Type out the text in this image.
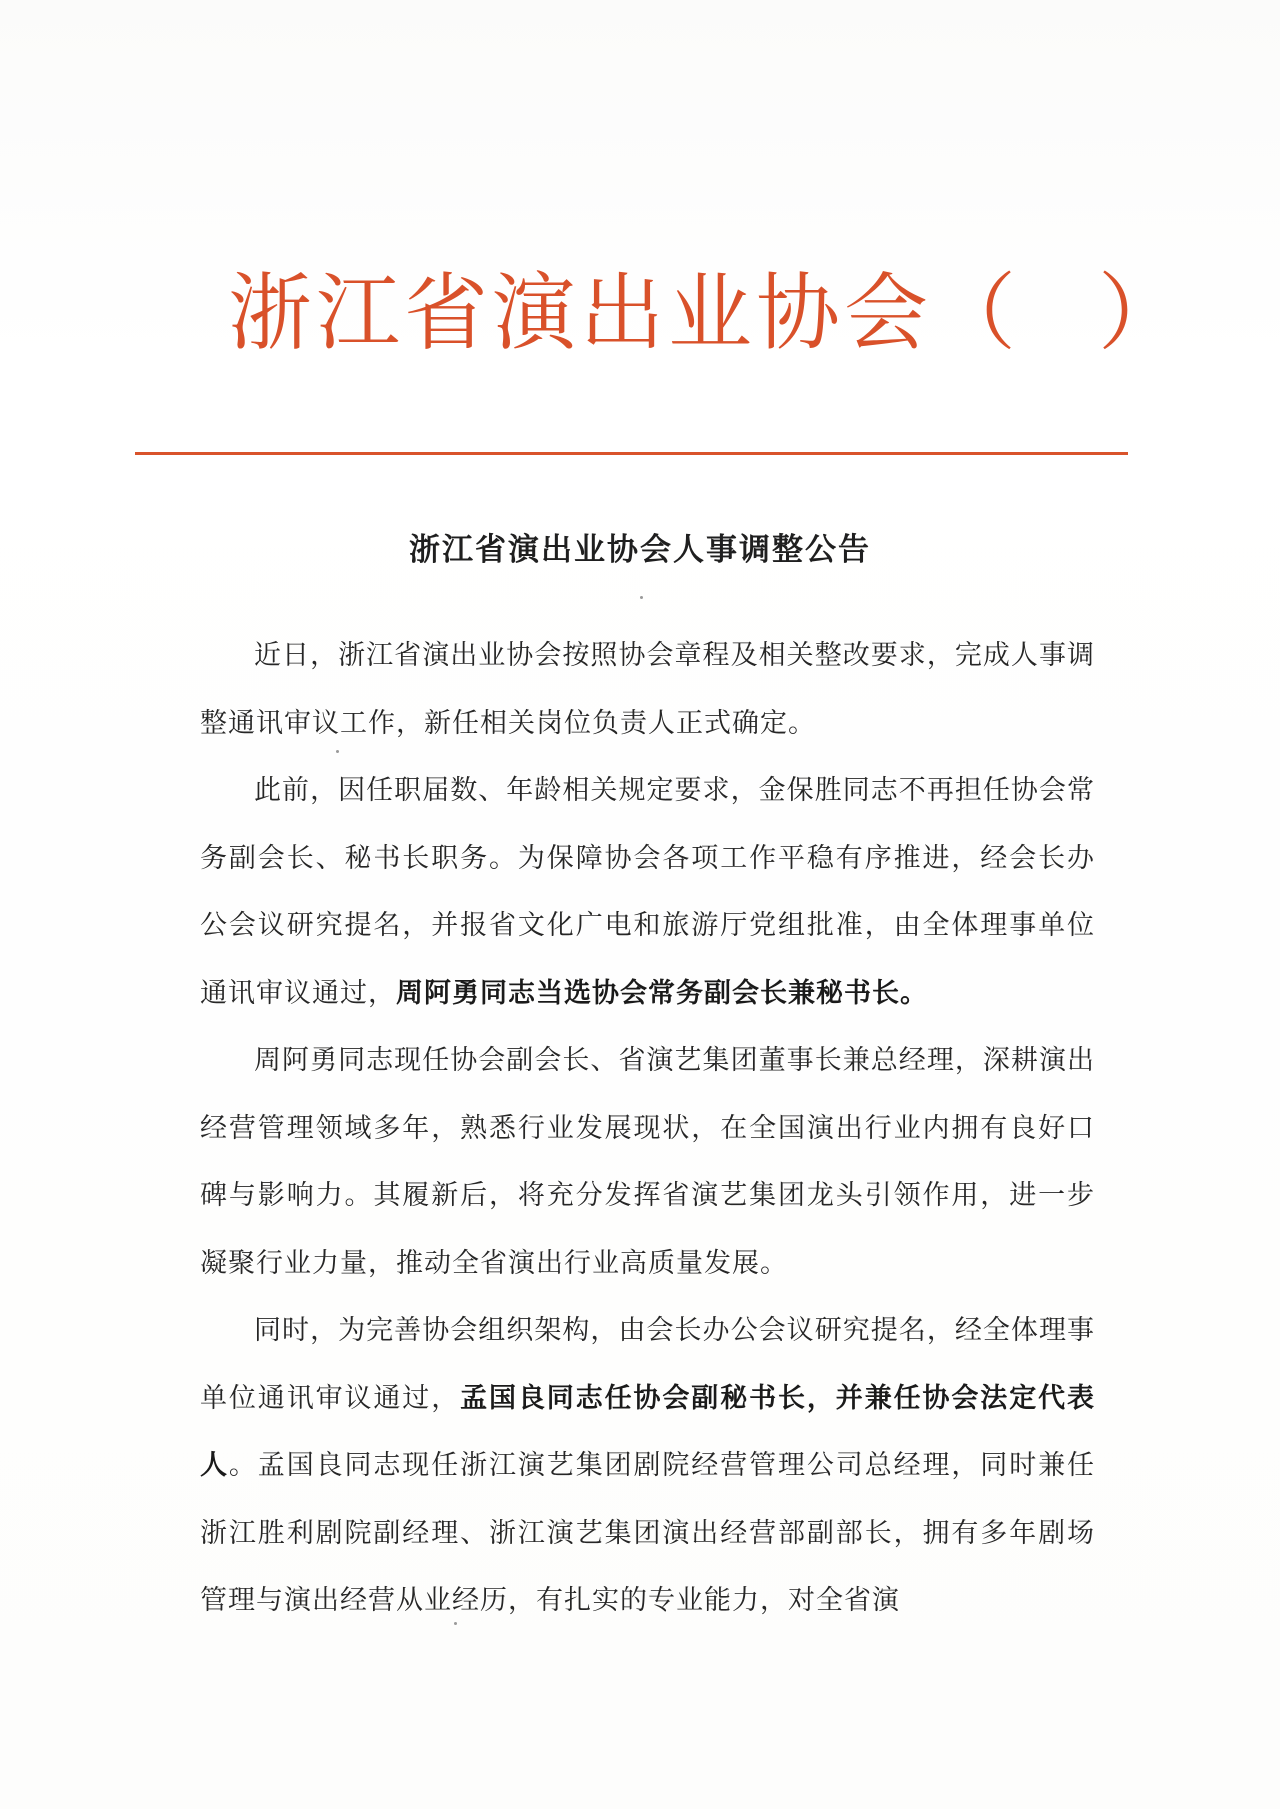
浙江省演出业协会（ ）
浙江省演出业协会人事调整公告

近日，浙江省演出业协会按照协会章程及相关整改要求，完成人事调整通讯审议工作，新任相关岗位负责人正式确定。

此前，因任职届数、年龄相关规定要求，金保胜同志不再担任协会常务副会长、秘书长职务。为保障协会各项工作平稳有序推进，经会长办公会议研究提名，并报省文化广电和旅游厅党组批准，由全体理事单位通讯审议通过，周阿勇同志当选协会常务副会长兼秘书长。

周阿勇同志现任协会副会长、省演艺集团董事长兼总经理，深耕演出经营管理领域多年，熟悉行业发展现状，在全国演出行业内拥有良好口碑与影响力。其履新后，将充分发挥省演艺集团龙头引领作用，进一步凝聚行业力量，推动全省演出行业高质量发展。

同时，为完善协会组织架构，由会长办公会议研究提名，经全体理事单位通讯审议通过，孟国良同志任协会副秘书长，并兼任协会法定代表人。孟国良同志现任浙江演艺集团剧院经营管理公司总经理，同时兼任浙江胜利剧院副经理、浙江演艺集团演出经营部副部长，拥有多年剧场管理与演出经营从业经历，有扎实的专业能力，对全省演
